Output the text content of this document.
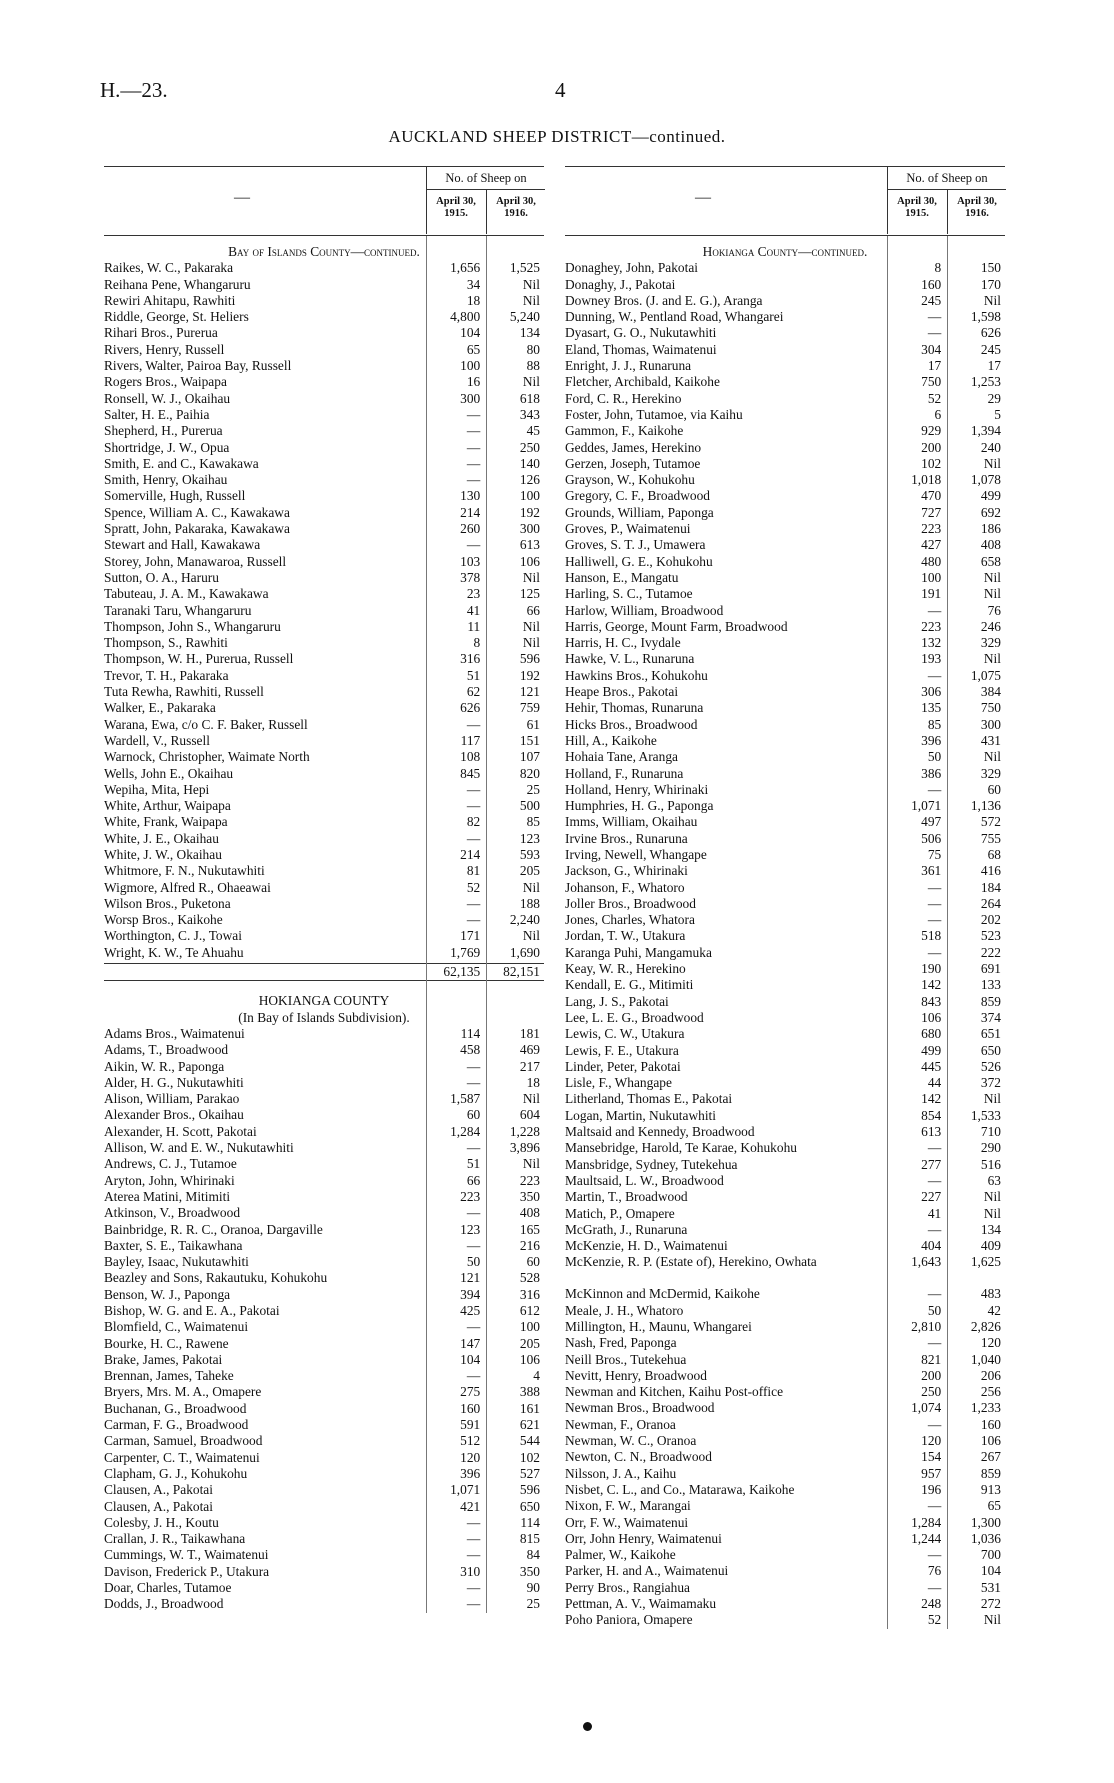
H.—23.	4
AUCKLAND SHEEP DISTRICT—continued.
—
No. of Sheep on
April 30, 1915.
April 30, 1916.
Bay of Islands County—continued.
Raikes, W. C., Pakaraka	1,656	1,525
Reihana Pene, Whangaruru	34	Nil
Rewiri Ahitapu, Rawhiti	18	Nil
Riddle, George, St. Heliers	4,800	5,240
Rihari Bros., Purerua	104	134
Rivers, Henry, Russell	65	80
Rivers, Walter, Pairoa Bay, Russell	100	88
Rogers Bros., Waipapa	16	Nil
Ronsell, W. J., Okaihau	300	618
Salter, H. E., Paihia	—	343
Shepherd, H., Purerua	—	45
Shortridge, J. W., Opua	—	250
Smith, E. and C., Kawakawa	—	140
Smith, Henry, Okaihau	—	126
Somerville, Hugh, Russell	130	100
Spence, William A. C., Kawakawa	214	192
Spratt, John, Pakaraka, Kawakawa	260	300
Stewart and Hall, Kawakawa	—	613
Storey, John, Manawaroa, Russell	103	106
Sutton, O. A., Haruru	378	Nil
Tabuteau, J. A. M., Kawakawa	23	125
Taranaki Taru, Whangaruru	41	66
Thompson, John S., Whangaruru	11	Nil
Thompson, S., Rawhiti	8	Nil
Thompson, W. H., Purerua, Russell	316	596
Trevor, T. H., Pakaraka	51	192
Tuta Rewha, Rawhiti, Russell	62	121
Walker, E., Pakaraka	626	759
Warana, Ewa, c/o C. F. Baker, Russell	—	61
Wardell, V., Russell	117	151
Warnock, Christopher, Waimate North	108	107
Wells, John E., Okaihau	845	820
Wepiha, Mita, Hepi	—	25
White, Arthur, Waipapa	—	500
White, Frank, Waipapa	82	85
White, J. E., Okaihau	—	123
White, J. W., Okaihau	214	593
Whitmore, F. N., Nukutawhiti	81	205
Wigmore, Alfred R., Ohaeawai	52	Nil
Wilson Bros., Puketona	—	188
Worsp Bros., Kaikohe	—	2,240
Worthington, C. J., Towai	171	Nil
Wright, K. W., Te Ahuahu	1,769	1,690
62,135	82,151
HOKIANGA COUNTY
(In Bay of Islands Subdivision).
Adams Bros., Waimatenui	114	181
Adams, T., Broadwood	458	469
Aikin, W. R., Paponga	—	217
Alder, H. G., Nukutawhiti	—	18
Alison, William, Parakao	1,587	Nil
Alexander Bros., Okaihau	60	604
Alexander, H. Scott, Pakotai	1,284	1,228
Allison, W. and E. W., Nukutawhiti	—	3,896
Andrews, C. J., Tutamoe	51	Nil
Aryton, John, Whirinaki	66	223
Aterea Matini, Mitimiti	223	350
Atkinson, V., Broadwood	—	408
Bainbridge, R. R. C., Oranoa, Dargaville	123	165
Baxter, S. E., Taikawhana	—	216
Bayley, Isaac, Nukutawhiti	50	60
Beazley and Sons, Rakautuku, Kohukohu	121	528
Benson, W. J., Paponga	394	316
Bishop, W. G. and E. A., Pakotai	425	612
Blomfield, C., Waimatenui	—	100
Bourke, H. C., Rawene	147	205
Brake, James, Pakotai	104	106
Brennan, James, Taheke	—	4
Bryers, Mrs. M. A., Omapere	275	388
Buchanan, G., Broadwood	160	161
Carman, F. G., Broadwood	591	621
Carman, Samuel, Broadwood	512	544
Carpenter, C. T., Waimatenui	120	102
Clapham, G. J., Kohukohu	396	527
Clausen, A., Pakotai	1,071	596
Clausen, A., Pakotai	421	650
Colesby, J. H., Koutu	—	114
Crallan, J. R., Taikawhana	—	815
Cummings, W. T., Waimatenui	—	84
Davison, Frederick P., Utakura	310	350
Doar, Charles, Tutamoe	—	90
Dodds, J., Broadwood	—	25
—
No. of Sheep on
April 30, 1915.
April 30, 1916.
Hokianga County—continued.
Donaghey, John, Pakotai	8	150
Donaghy, J., Pakotai	160	170
Downey Bros. (J. and E. G.), Aranga	245	Nil
Dunning, W., Pentland Road, Whangarei	—	1,598
Dyasart, G. O., Nukutawhiti	—	626
Eland, Thomas, Waimatenui	304	245
Enright, J. J., Runaruna	17	17
Fletcher, Archibald, Kaikohe	750	1,253
Ford, C. R., Herekino	52	29
Foster, John, Tutamoe, via Kaihu	6	5
Gammon, F., Kaikohe	929	1,394
Geddes, James, Herekino	200	240
Gerzen, Joseph, Tutamoe	102	Nil
Grayson, W., Kohukohu	1,018	1,078
Gregory, C. F., Broadwood	470	499
Grounds, William, Paponga	727	692
Groves, P., Waimatenui	223	186
Groves, S. T. J., Umawera	427	408
Halliwell, G. E., Kohukohu	480	658
Hanson, E., Mangatu	100	Nil
Harling, S. C., Tutamoe	191	Nil
Harlow, William, Broadwood	—	76
Harris, George, Mount Farm, Broadwood	223	246
Harris, H. C., Ivydale	132	329
Hawke, V. L., Runaruna	193	Nil
Hawkins Bros., Kohukohu	—	1,075
Heape Bros., Pakotai	306	384
Hehir, Thomas, Runaruna	135	750
Hicks Bros., Broadwood	85	300
Hill, A., Kaikohe	396	431
Hohaia Tane, Aranga	50	Nil
Holland, F., Runaruna	386	329
Holland, Henry, Whirinaki	—	60
Humphries, H. G., Paponga	1,071	1,136
Imms, William, Okaihau	497	572
Irvine Bros., Runaruna	506	755
Irving, Newell, Whangape	75	68
Jackson, G., Whirinaki	361	416
Johanson, F., Whatoro	—	184
Joller Bros., Broadwood	—	264
Jones, Charles, Whatora	—	202
Jordan, T. W., Utakura	518	523
Karanga Puhi, Mangamuka	—	222
Keay, W. R., Herekino	190	691
Kendall, E. G., Mitimiti	142	133
Lang, J. S., Pakotai	843	859
Lee, L. E. G., Broadwood	106	374
Lewis, C. W., Utakura	680	651
Lewis, F. E., Utakura	499	650
Linder, Peter, Pakotai	445	526
Lisle, F., Whangape	44	372
Litherland, Thomas E., Pakotai	142	Nil
Logan, Martin, Nukutawhiti	854	1,533
Maltsaid and Kennedy, Broadwood	613	710
Mansebridge, Harold, Te Karae, Kohukohu	—	290
Mansbridge, Sydney, Tutekehua	277	516
Maultsaid, L. W., Broadwood	—	63
Martin, T., Broadwood	227	Nil
Matich, P., Omapere	41	Nil
McGrath, J., Runaruna	—	134
McKenzie, H. D., Waimatenui	404	409
McKenzie, R. P. (Estate of), Herekino, Owhata	1,643	1,625
McKinnon and McDermid, Kaikohe	—	483
Meale, J. H., Whatoro	50	42
Millington, H., Maunu, Whangarei	2,810	2,826
Nash, Fred, Paponga	—	120
Neill Bros., Tutekehua	821	1,040
Nevitt, Henry, Broadwood	200	206
Newman and Kitchen, Kaihu Post-office	250	256
Newman Bros., Broadwood	1,074	1,233
Newman, F., Oranoa	—	160
Newman, W. C., Oranoa	120	106
Newton, C. N., Broadwood	154	267
Nilsson, J. A., Kaihu	957	859
Nisbet, C. L., and Co., Matarawa, Kaikohe	196	913
Nixon, F. W., Marangai	—	65
Orr, F. W., Waimatenui	1,284	1,300
Orr, John Henry, Waimatenui	1,244	1,036
Palmer, W., Kaikohe	—	700
Parker, H. and A., Waimatenui	76	104
Perry Bros., Rangiahua	—	531
Pettman, A. V., Waimamaku	248	272
Poho Paniora, Omapere	52	Nil
